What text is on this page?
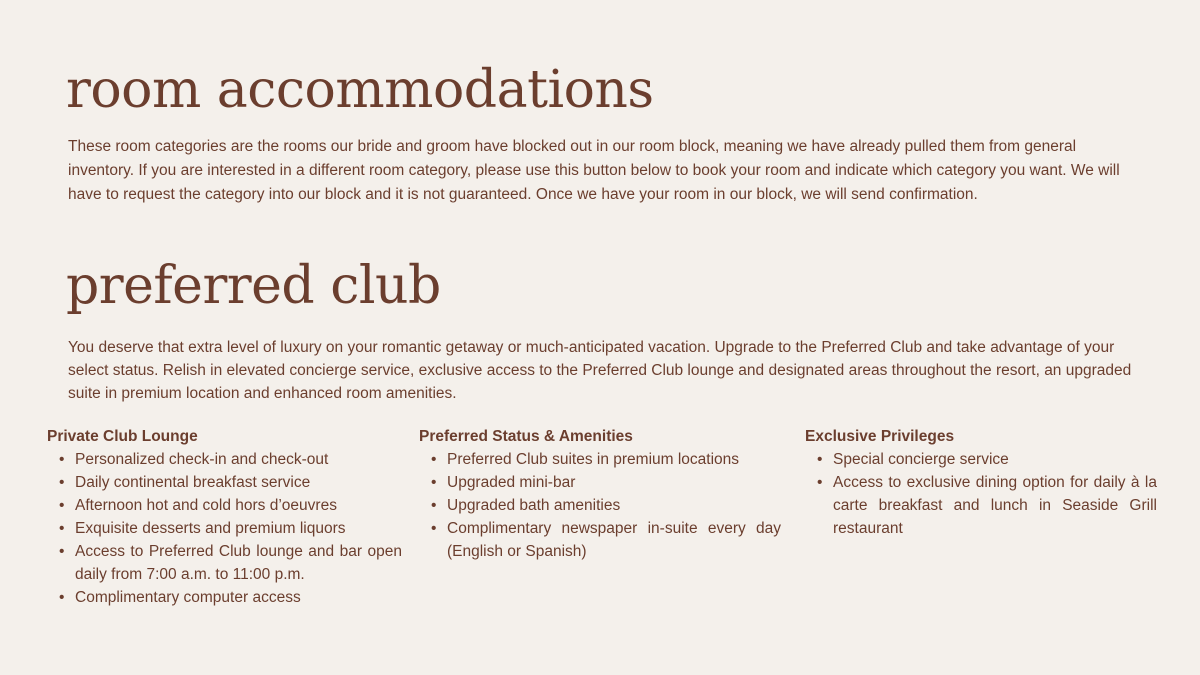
room accommodations

These room categories are the rooms our bride and groom have blocked out in our room block, meaning we have already pulled them from general inventory. If you are interested in a different room category, please use this button below to book your room and indicate which category you want. We will have to request the category into our block and it is not guaranteed. Once we have your room in our block, we will send confirmation.

preferred club

You deserve that extra level of luxury on your romantic getaway or much-anticipated vacation. Upgrade to the Preferred Club and take advantage of your select status. Relish in elevated concierge service, exclusive access to the Preferred Club lounge and designated areas throughout the resort, an upgraded suite in premium location and enhanced room amenities.

Private Club Lounge
• Personalized check-in and check-out
• Daily continental breakfast service
• Afternoon hot and cold hors d’oeuvres
• Exquisite desserts and premium liquors
• Access to Preferred Club lounge and bar open daily from 7:00 a.m. to 11:00 p.m.
• Complimentary computer access
Preferred Status & Amenities
• Preferred Club suites in premium locations
• Upgraded mini-bar
• Upgraded bath amenities
• Complimentary newspaper in-suite every day (English or Spanish)
Exclusive Privileges
• Special concierge service
• Access to exclusive dining option for daily à la carte breakfast and lunch in Seaside Grill restaurant
